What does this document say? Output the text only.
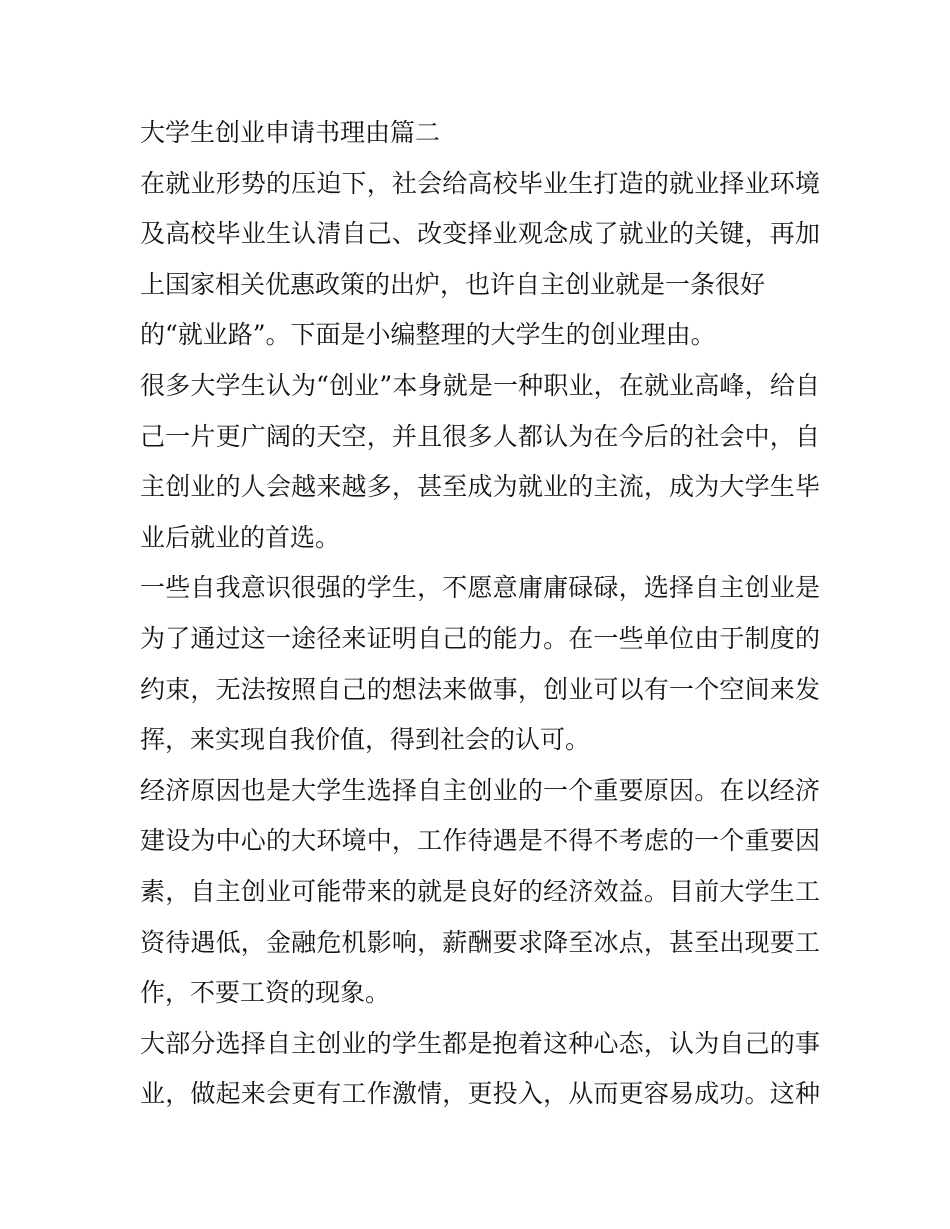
大学生创业申请书理由篇二
在就业形势的压迫下，社会给高校毕业生打造的就业择业环境
及高校毕业生认清自己、改变择业观念成了就业的关键，再加
上国家相关优惠政策的出炉，也许自主创业就是一条很好
的“就业路”。下面是小编整理的大学生的创业理由。
很多大学生认为“创业”本身就是一种职业，在就业高峰，给自
己一片更广阔的天空，并且很多人都认为在今后的社会中，自
主创业的人会越来越多，甚至成为就业的主流，成为大学生毕
业后就业的首选。
一些自我意识很强的学生，不愿意庸庸碌碌，选择自主创业是
为了通过这一途径来证明自己的能力。在一些单位由于制度的
约束，无法按照自己的想法来做事，创业可以有一个空间来发
挥，来实现自我价值，得到社会的认可。
经济原因也是大学生选择自主创业的一个重要原因。在以经济
建设为中心的大环境中，工作待遇是不得不考虑的一个重要因
素，自主创业可能带来的就是良好的经济效益。目前大学生工
资待遇低，金融危机影响，薪酬要求降至冰点，甚至出现要工
作，不要工资的现象。
大部分选择自主创业的学生都是抱着这种心态，认为自己的事
业，做起来会更有工作激情，更投入，从而更容易成功。这种
